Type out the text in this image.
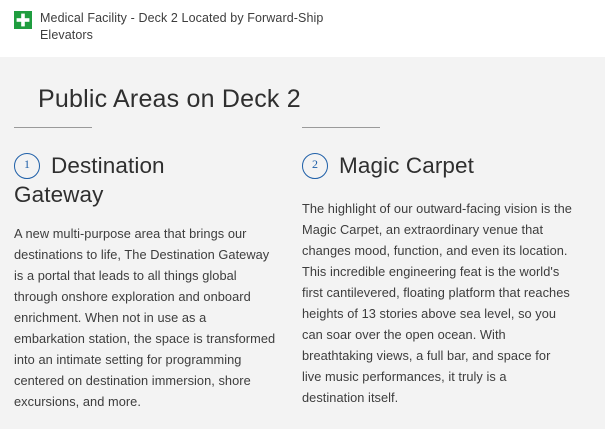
Medical Facility - Deck 2 Located by Forward-Ship Elevators
Public Areas on Deck 2
1 Destination
Gateway
A new multi-purpose area that brings our destinations to life, The Destination Gateway is a portal that leads to all things global through onshore exploration and onboard enrichment. When not in use as a embarkation station, the space is transformed into an intimate setting for programming centered on destination immersion, shore excursions, and more.
2 Magic Carpet
The highlight of our outward-facing vision is the Magic Carpet, an extraordinary venue that changes mood, function, and even its location. This incredible engineering feat is the world's first cantilevered, floating platform that reaches heights of 13 stories above sea level, so you can soar over the open ocean. With breathtaking views, a full bar, and space for live music performances, it truly is a destination itself.
